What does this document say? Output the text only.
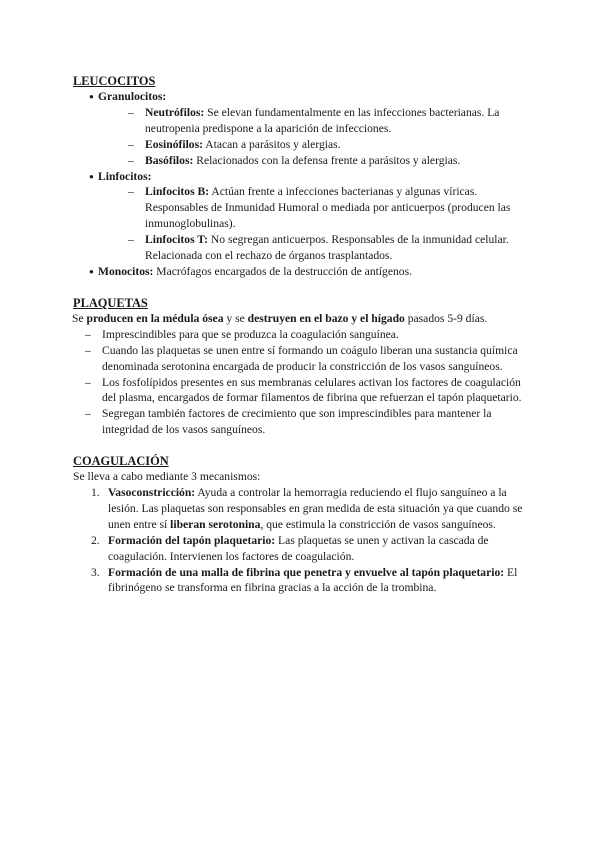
LEUCOCITOS

● Granulocitos:
– Neutrófilos: Se elevan fundamentalmente en las infecciones bacterianas. La neutropenia predispone a la aparición de infecciones.
– Eosinófilos: Atacan a parásitos y alergias.
– Basófilos: Relacionados con la defensa frente a parásitos y alergias.
● Linfocitos:
– Linfocitos B: Actúan frente a infecciones bacterianas y algunas víricas. Responsables de Inmunidad Humoral o mediada por anticuerpos (producen las inmunoglobulinas).
– Linfocitos T: No segregan anticuerpos. Responsables de la inmunidad celular. Relacionada con el rechazo de órganos trasplantados.
● Monocitos: Macrófagos encargados de la destrucción de antígenos.

PLAQUETAS

Se producen en la médula ósea y se destruyen en el bazo y el hígado pasados 5-9 días.

– Imprescindibles para que se produzca la coagulación sanguínea.
– Cuando las plaquetas se unen entre sí formando un coágulo liberan una sustancia química denominada serotonina encargada de producir la constricción de los vasos sanguíneos.
– Los fosfolípidos presentes en sus membranas celulares activan los factores de coagulación del plasma, encargados de formar filamentos de fibrina que refuerzan el tapón plaquetario.
– Segregan también factores de crecimiento que son imprescindibles para mantener la integridad de los vasos sanguíneos.

COAGULACIÓN

Se lleva a cabo mediante 3 mecanismos:

1. Vasoconstricción: Ayuda a controlar la hemorragia reduciendo el flujo sanguíneo a la lesión. Las plaquetas son responsables en gran medida de esta situación ya que cuando se unen entre sí liberan serotonina, que estimula la constricción de vasos sanguíneos.
2. Formación del tapón plaquetario: Las plaquetas se unen y activan la cascada de coagulación. Intervienen los factores de coagulación.
3. Formación de una malla de fibrina que penetra y envuelve al tapón plaquetario: El fibrinógeno se transforma en fibrina gracias a la acción de la trombina.
